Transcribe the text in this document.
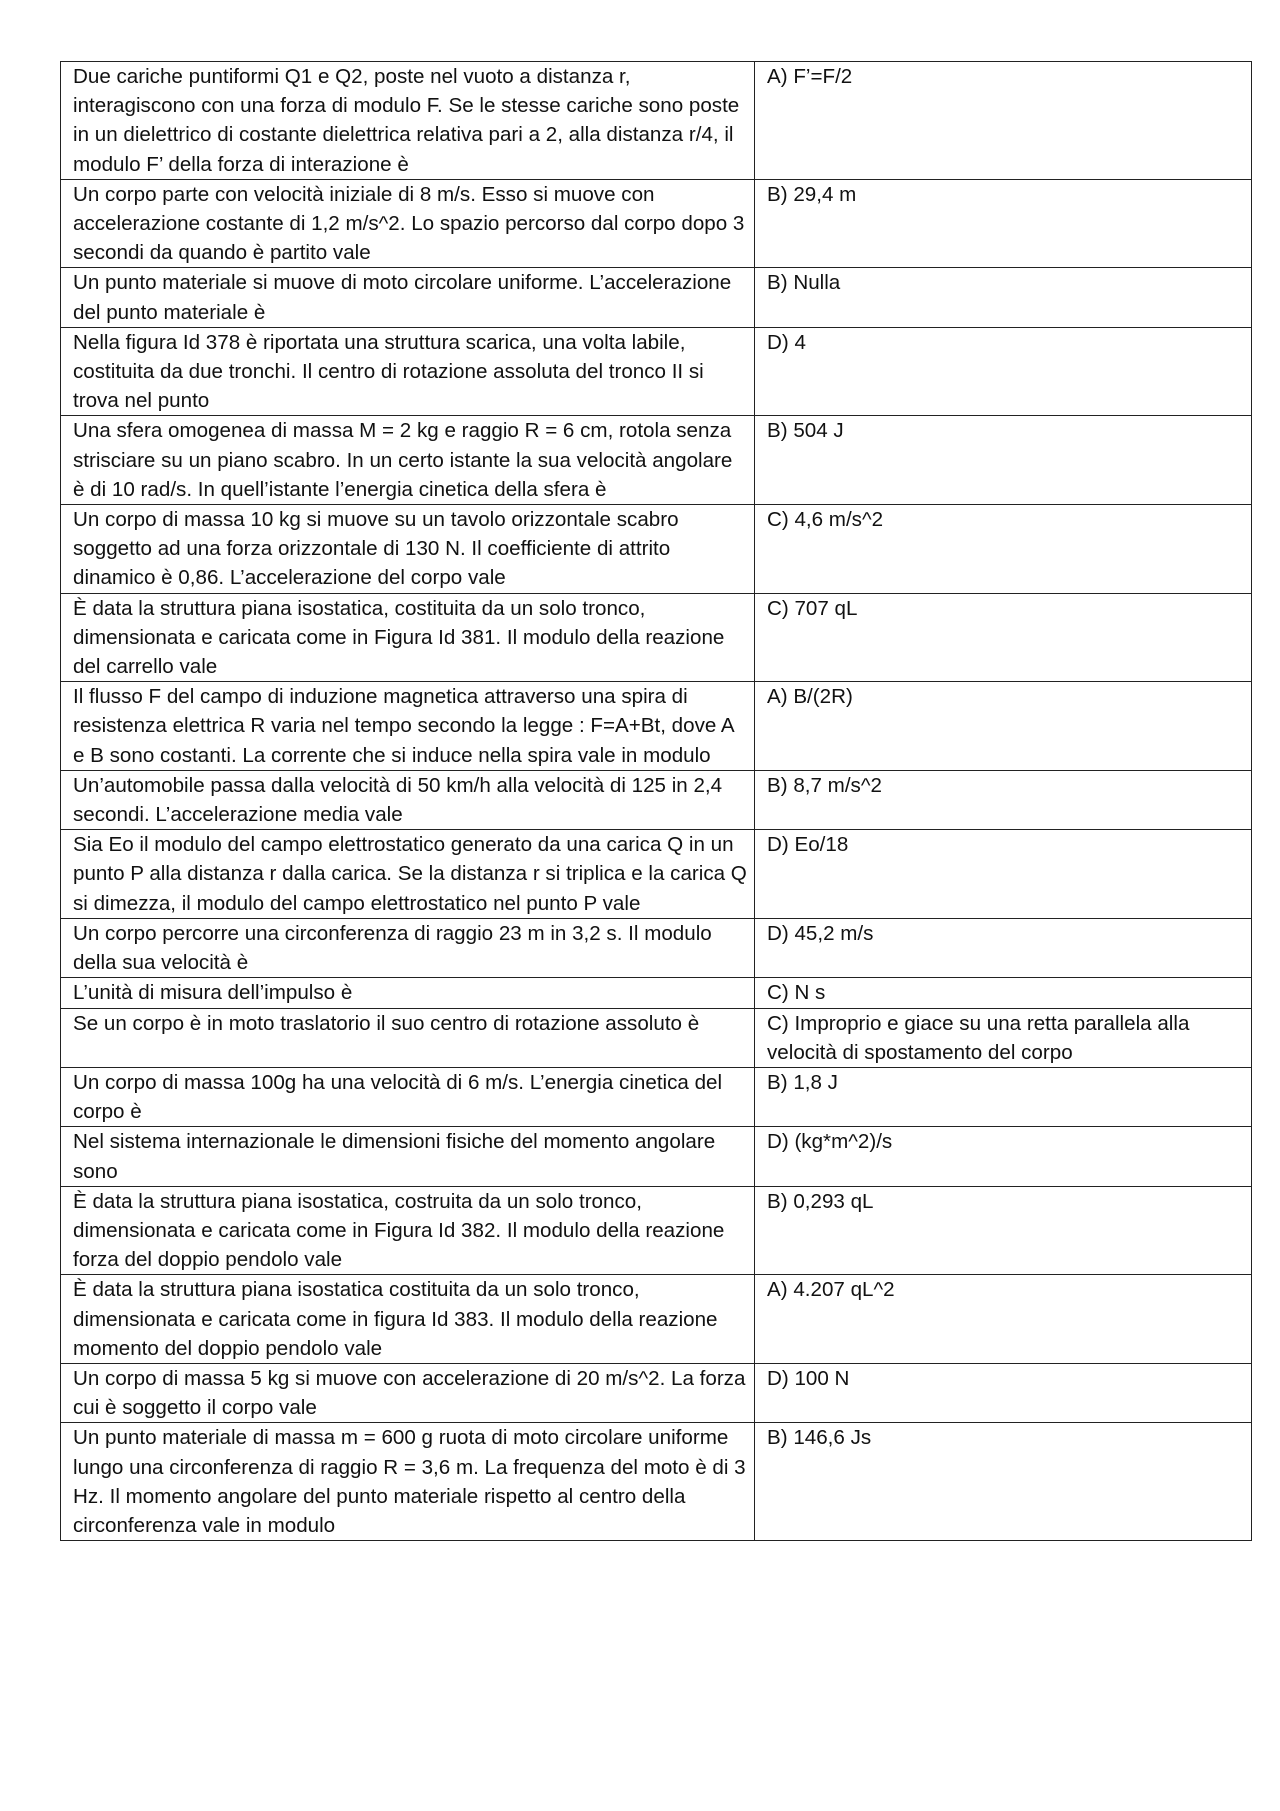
Due cariche puntiformi Q1 e Q2, poste nel vuoto a distanza r, interagiscono con una forza di modulo F. Se le stesse cariche sono poste in un dielettrico di costante dielettrica relativa pari a 2, alla distanza r/4, il modulo F’ della forza di interazione è	A) F’=F/2
Un corpo parte con velocità iniziale di 8 m/s. Esso si muove con accelerazione costante di 1,2 m/s^2. Lo spazio percorso dal corpo dopo 3 secondi da quando è partito vale	B) 29,4 m
Un punto materiale si muove di moto circolare uniforme. L’accelerazione del punto materiale è	B) Nulla
Nella figura Id 378 è riportata una struttura scarica, una volta labile, costituita da due tronchi. Il centro di rotazione assoluta del tronco II si trova nel punto	D) 4
Una sfera omogenea di massa M = 2 kg e raggio R = 6 cm, rotola senza strisciare su un piano scabro. In un certo istante la sua velocità angolare è di 10 rad/s. In quell’istante l’energia cinetica della sfera è	B) 504 J
Un corpo di massa 10 kg si muove su un tavolo orizzontale scabro soggetto ad una forza orizzontale di 130 N. Il coefficiente di attrito dinamico è 0,86. L’accelerazione del corpo vale	C) 4,6 m/s^2
È data la struttura piana isostatica, costituita da un solo tronco, dimensionata e caricata come in Figura Id 381. Il modulo della reazione del carrello vale	C) 707 qL
Il flusso F del campo di induzione magnetica attraverso una spira di resistenza elettrica R varia nel tempo secondo la legge : F=A+Bt, dove A e B sono costanti. La corrente che si induce nella spira vale in modulo	A) B/(2R)
Un’automobile passa dalla velocità di 50 km/h alla velocità di 125 in 2,4 secondi. L’accelerazione media vale	B) 8,7 m/s^2
Sia Eo il modulo del campo elettrostatico generato da una carica Q in un punto P alla distanza r dalla carica. Se la distanza r si triplica e la carica Q si dimezza, il modulo del campo elettrostatico nel punto P vale	D) Eo/18
Un corpo percorre una circonferenza di raggio 23 m in 3,2 s. Il modulo della sua velocità è	D) 45,2 m/s
L’unità di misura dell’impulso è	C) N s
Se un corpo è in moto traslatorio il suo centro di rotazione assoluto è	C) Improprio e giace su una retta parallela alla velocità di spostamento del corpo
Un corpo di massa 100g ha una velocità di 6 m/s. L’energia cinetica del corpo è	B) 1,8 J
Nel sistema internazionale le dimensioni fisiche del momento angolare sono	D) (kg*m^2)/s
È data la struttura piana isostatica, costruita da un solo tronco, dimensionata e caricata come in Figura Id 382. Il modulo della reazione forza del doppio pendolo vale	B) 0,293 qL
È data la struttura piana isostatica costituita da un solo tronco, dimensionata e caricata come in figura Id 383. Il modulo della reazione momento del doppio pendolo vale	A) 4.207 qL^2
Un corpo di massa 5 kg si muove con accelerazione di 20 m/s^2. La forza cui è soggetto il corpo vale	D) 100 N
Un punto materiale di massa m = 600 g ruota di moto circolare uniforme lungo una circonferenza di raggio R = 3,6 m. La frequenza del moto è di 3 Hz. Il momento angolare del punto materiale rispetto al centro della circonferenza vale in modulo	B) 146,6 Js
